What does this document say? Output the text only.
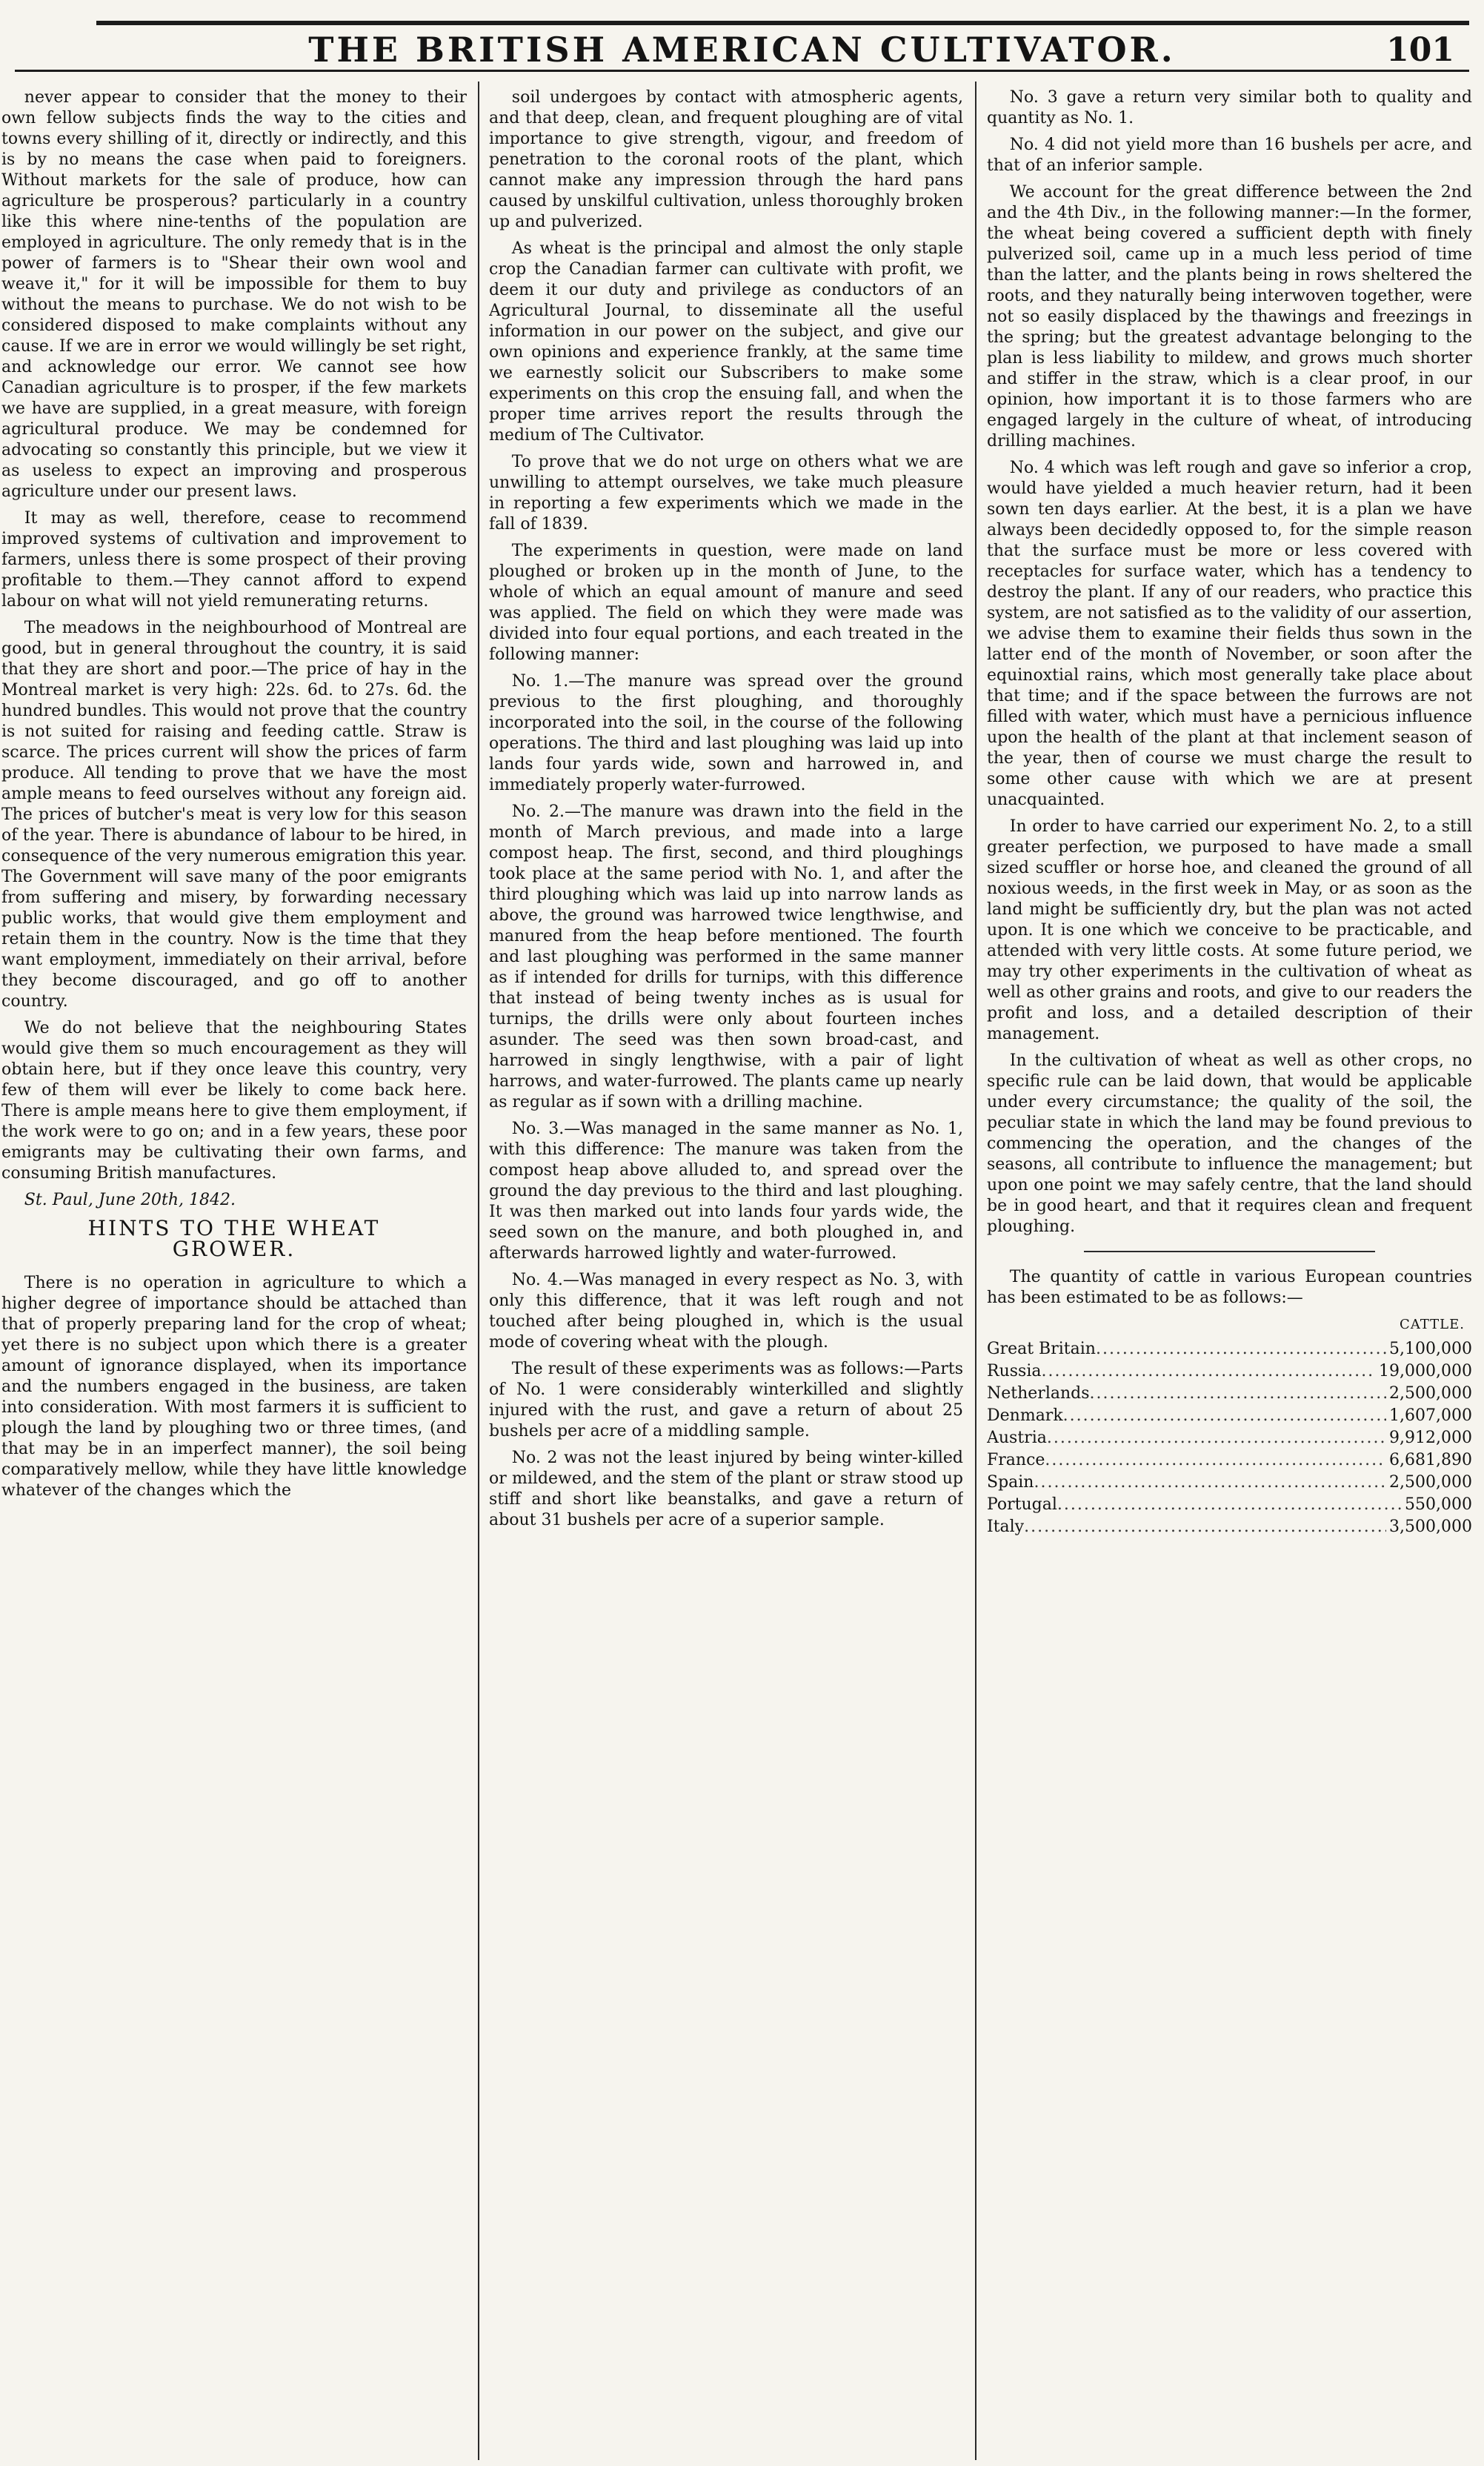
THE BRITISH AMERICAN CULTIVATOR.	101

never appear to consider that the money to their own fellow subjects finds the way to the cities and towns every shilling of it, directly or indirectly, and this is by no means the case when paid to foreigners. Without markets for the sale of produce, how can agriculture be prosperous? particularly in a country like this where nine-tenths of the population are employed in agriculture. The only remedy that is in the power of farmers is to "Shear their own wool and weave it," for it will be impossible for them to buy without the means to purchase. We do not wish to be considered disposed to make complaints without any cause. If we are in error we would willingly be set right, and acknowledge our error. We cannot see how Canadian agriculture is to prosper, if the few markets we have are supplied, in a great measure, with foreign agricultural produce. We may be condemned for advocating so constantly this principle, but we view it as useless to expect an improving and prosperous agriculture under our present laws.

It may as well, therefore, cease to recommend improved systems of cultivation and improvement to farmers, unless there is some prospect of their proving profitable to them.—They cannot afford to expend labour on what will not yield remunerating returns.

The meadows in the neighbourhood of Montreal are good, but in general throughout the country, it is said that they are short and poor.—The price of hay in the Montreal market is very high: 22s. 6d. to 27s. 6d. the hundred bundles. This would not prove that the country is not suited for raising and feeding cattle. Straw is scarce. The prices current will show the prices of farm produce. All tending to prove that we have the most ample means to feed ourselves without any foreign aid. The prices of butcher's meat is very low for this season of the year. There is abundance of labour to be hired, in consequence of the very numerous emigration this year. The Government will save many of the poor emigrants from suffering and misery, by forwarding necessary public works, that would give them employment and retain them in the country. Now is the time that they want employment, immediately on their arrival, before they become discouraged, and go off to another country.

We do not believe that the neighbouring States would give them so much encouragement as they will obtain here, but if they once leave this country, very few of them will ever be likely to come back here. There is ample means here to give them employment, if the work were to go on; and in a few years, these poor emigrants may be cultivating their own farms, and consuming British manufactures.

St. Paul, June 20th, 1842.

HINTS TO THE WHEAT
GROWER.

There is no operation in agriculture to which a higher degree of importance should be attached than that of properly preparing land for the crop of wheat; yet there is no subject upon which there is a greater amount of ignorance displayed, when its importance and the numbers engaged in the business, are taken into consideration. With most farmers it is sufficient to plough the land by ploughing two or three times, (and that may be in an imperfect manner), the soil being comparatively mellow, while they have little knowledge whatever of the changes which the

soil undergoes by contact with atmospheric agents, and that deep, clean, and frequent ploughing are of vital importance to give strength, vigour, and freedom of penetration to the coronal roots of the plant, which cannot make any impression through the hard pans caused by unskilful cultivation, unless thoroughly broken up and pulverized.

As wheat is the principal and almost the only staple crop the Canadian farmer can cultivate with profit, we deem it our duty and privilege as conductors of an Agricultural Journal, to disseminate all the useful information in our power on the subject, and give our own opinions and experience frankly, at the same time we earnestly solicit our Subscribers to make some experiments on this crop the ensuing fall, and when the proper time arrives report the results through the medium of The Cultivator.

To prove that we do not urge on others what we are unwilling to attempt ourselves, we take much pleasure in reporting a few experiments which we made in the fall of 1839.

The experiments in question, were made on land ploughed or broken up in the month of June, to the whole of which an equal amount of manure and seed was applied. The field on which they were made was divided into four equal portions, and each treated in the following manner:

No. 1.—The manure was spread over the ground previous to the first ploughing, and thoroughly incorporated into the soil, in the course of the following operations. The third and last ploughing was laid up into lands four yards wide, sown and harrowed in, and immediately properly water-furrowed.

No. 2.—The manure was drawn into the field in the month of March previous, and made into a large compost heap. The first, second, and third ploughings took place at the same period with No. 1, and after the third ploughing which was laid up into narrow lands as above, the ground was harrowed twice lengthwise, and manured from the heap before mentioned. The fourth and last ploughing was performed in the same manner as if intended for drills for turnips, with this difference that instead of being twenty inches as is usual for turnips, the drills were only about fourteen inches asunder. The seed was then sown broad-cast, and harrowed in singly lengthwise, with a pair of light harrows, and water-furrowed. The plants came up nearly as regular as if sown with a drilling machine.

No. 3.—Was managed in the same manner as No. 1, with this difference: The manure was taken from the compost heap above alluded to, and spread over the ground the day previous to the third and last ploughing. It was then marked out into lands four yards wide, the seed sown on the manure, and both ploughed in, and afterwards harrowed lightly and water-furrowed.

No. 4.—Was managed in every respect as No. 3, with only this difference, that it was left rough and not touched after being ploughed in, which is the usual mode of covering wheat with the plough.

The result of these experiments was as follows:—Parts of No. 1 were considerably winterkilled and slightly injured with the rust, and gave a return of about 25 bushels per acre of a middling sample.

No. 2 was not the least injured by being winter-killed or mildewed, and the stem of the plant or straw stood up stiff and short like beanstalks, and gave a return of about 31 bushels per acre of a superior sample.

No. 3 gave a return very similar both to quality and quantity as No. 1.

No. 4 did not yield more than 16 bushels per acre, and that of an inferior sample.

We account for the great difference between the 2nd and the 4th Div., in the following manner:—In the former, the wheat being covered a sufficient depth with finely pulverized soil, came up in a much less period of time than the latter, and the plants being in rows sheltered the roots, and they naturally being interwoven together, were not so easily displaced by the thawings and freezings in the spring; but the greatest advantage belonging to the plan is less liability to mildew, and grows much shorter and stiffer in the straw, which is a clear proof, in our opinion, how important it is to those farmers who are engaged largely in the culture of wheat, of introducing drilling machines.

No. 4 which was left rough and gave so inferior a crop, would have yielded a much heavier return, had it been sown ten days earlier. At the best, it is a plan we have always been decidedly opposed to, for the simple reason that the surface must be more or less covered with receptacles for surface water, which has a tendency to destroy the plant. If any of our readers, who practice this system, are not satisfied as to the validity of our assertion, we advise them to examine their fields thus sown in the latter end of the month of November, or soon after the equinoxtial rains, which most generally take place about that time; and if the space between the furrows are not filled with water, which must have a pernicious influence upon the health of the plant at that inclement season of the year, then of course we must charge the result to some other cause with which we are at present unacquainted.

In order to have carried our experiment No. 2, to a still greater perfection, we purposed to have made a small sized scuffler or horse hoe, and cleaned the ground of all noxious weeds, in the first week in May, or as soon as the land might be sufficiently dry, but the plan was not acted upon. It is one which we conceive to be practicable, and attended with very little costs. At some future period, we may try other experiments in the cultivation of wheat as well as other grains and roots, and give to our readers the profit and loss, and a detailed description of their management.

In the cultivation of wheat as well as other crops, no specific rule can be laid down, that would be applicable under every circumstance; the quality of the soil, the peculiar state in which the land may be found previous to commencing the operation, and the changes of the seasons, all contribute to influence the management; but upon one point we may safely centre, that the land should be in good heart, and that it requires clean and frequent ploughing.

The quantity of cattle in various European countries has been estimated to be as follows:—

CATTLE.
Great Britain .....	5,100,000
Russia .....	19,000,000
Netherlands .....	2,500,000
Denmark .....	1,607,000
Austria .....	9,912,000
France .....	6,681,890
Spain .....	2,500,000
Portugal .....	550,000
Italy .....	3,500,000
